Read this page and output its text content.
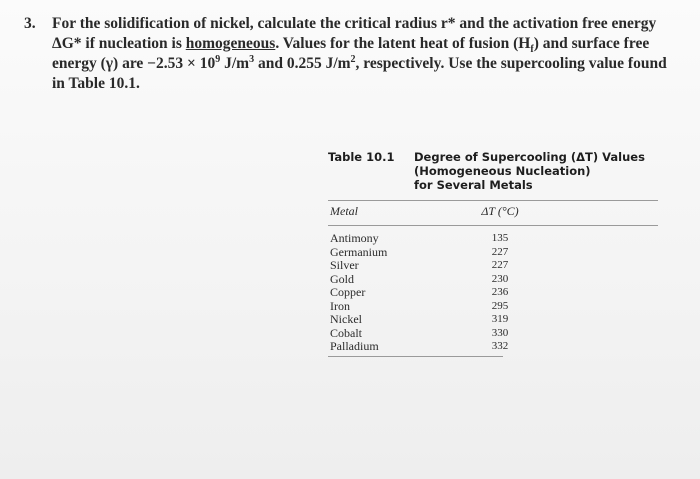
3. For the solidification of nickel, calculate the critical radius r* and the activation free energy
ΔG* if nucleation is homogeneous. Values for the latent heat of fusion $(H_f)$ and surface free
energy (γ) are $-2.53 \times 10^9$ $J/m^3$ and 0.255 $J/m^2$, respectively. Use the supercooling value found
in Table 10.1.
Table 10.1	Degree of Supercooling (ΔT) Values
(Homogeneous Nucleation)
for Several Metals
Metal	ΔT (°C)
Antimony	135
Germanium	227
Silver	227
Gold	230
Copper	236
Iron	295
Nickel	319
Cobalt	330
Palladium	332
